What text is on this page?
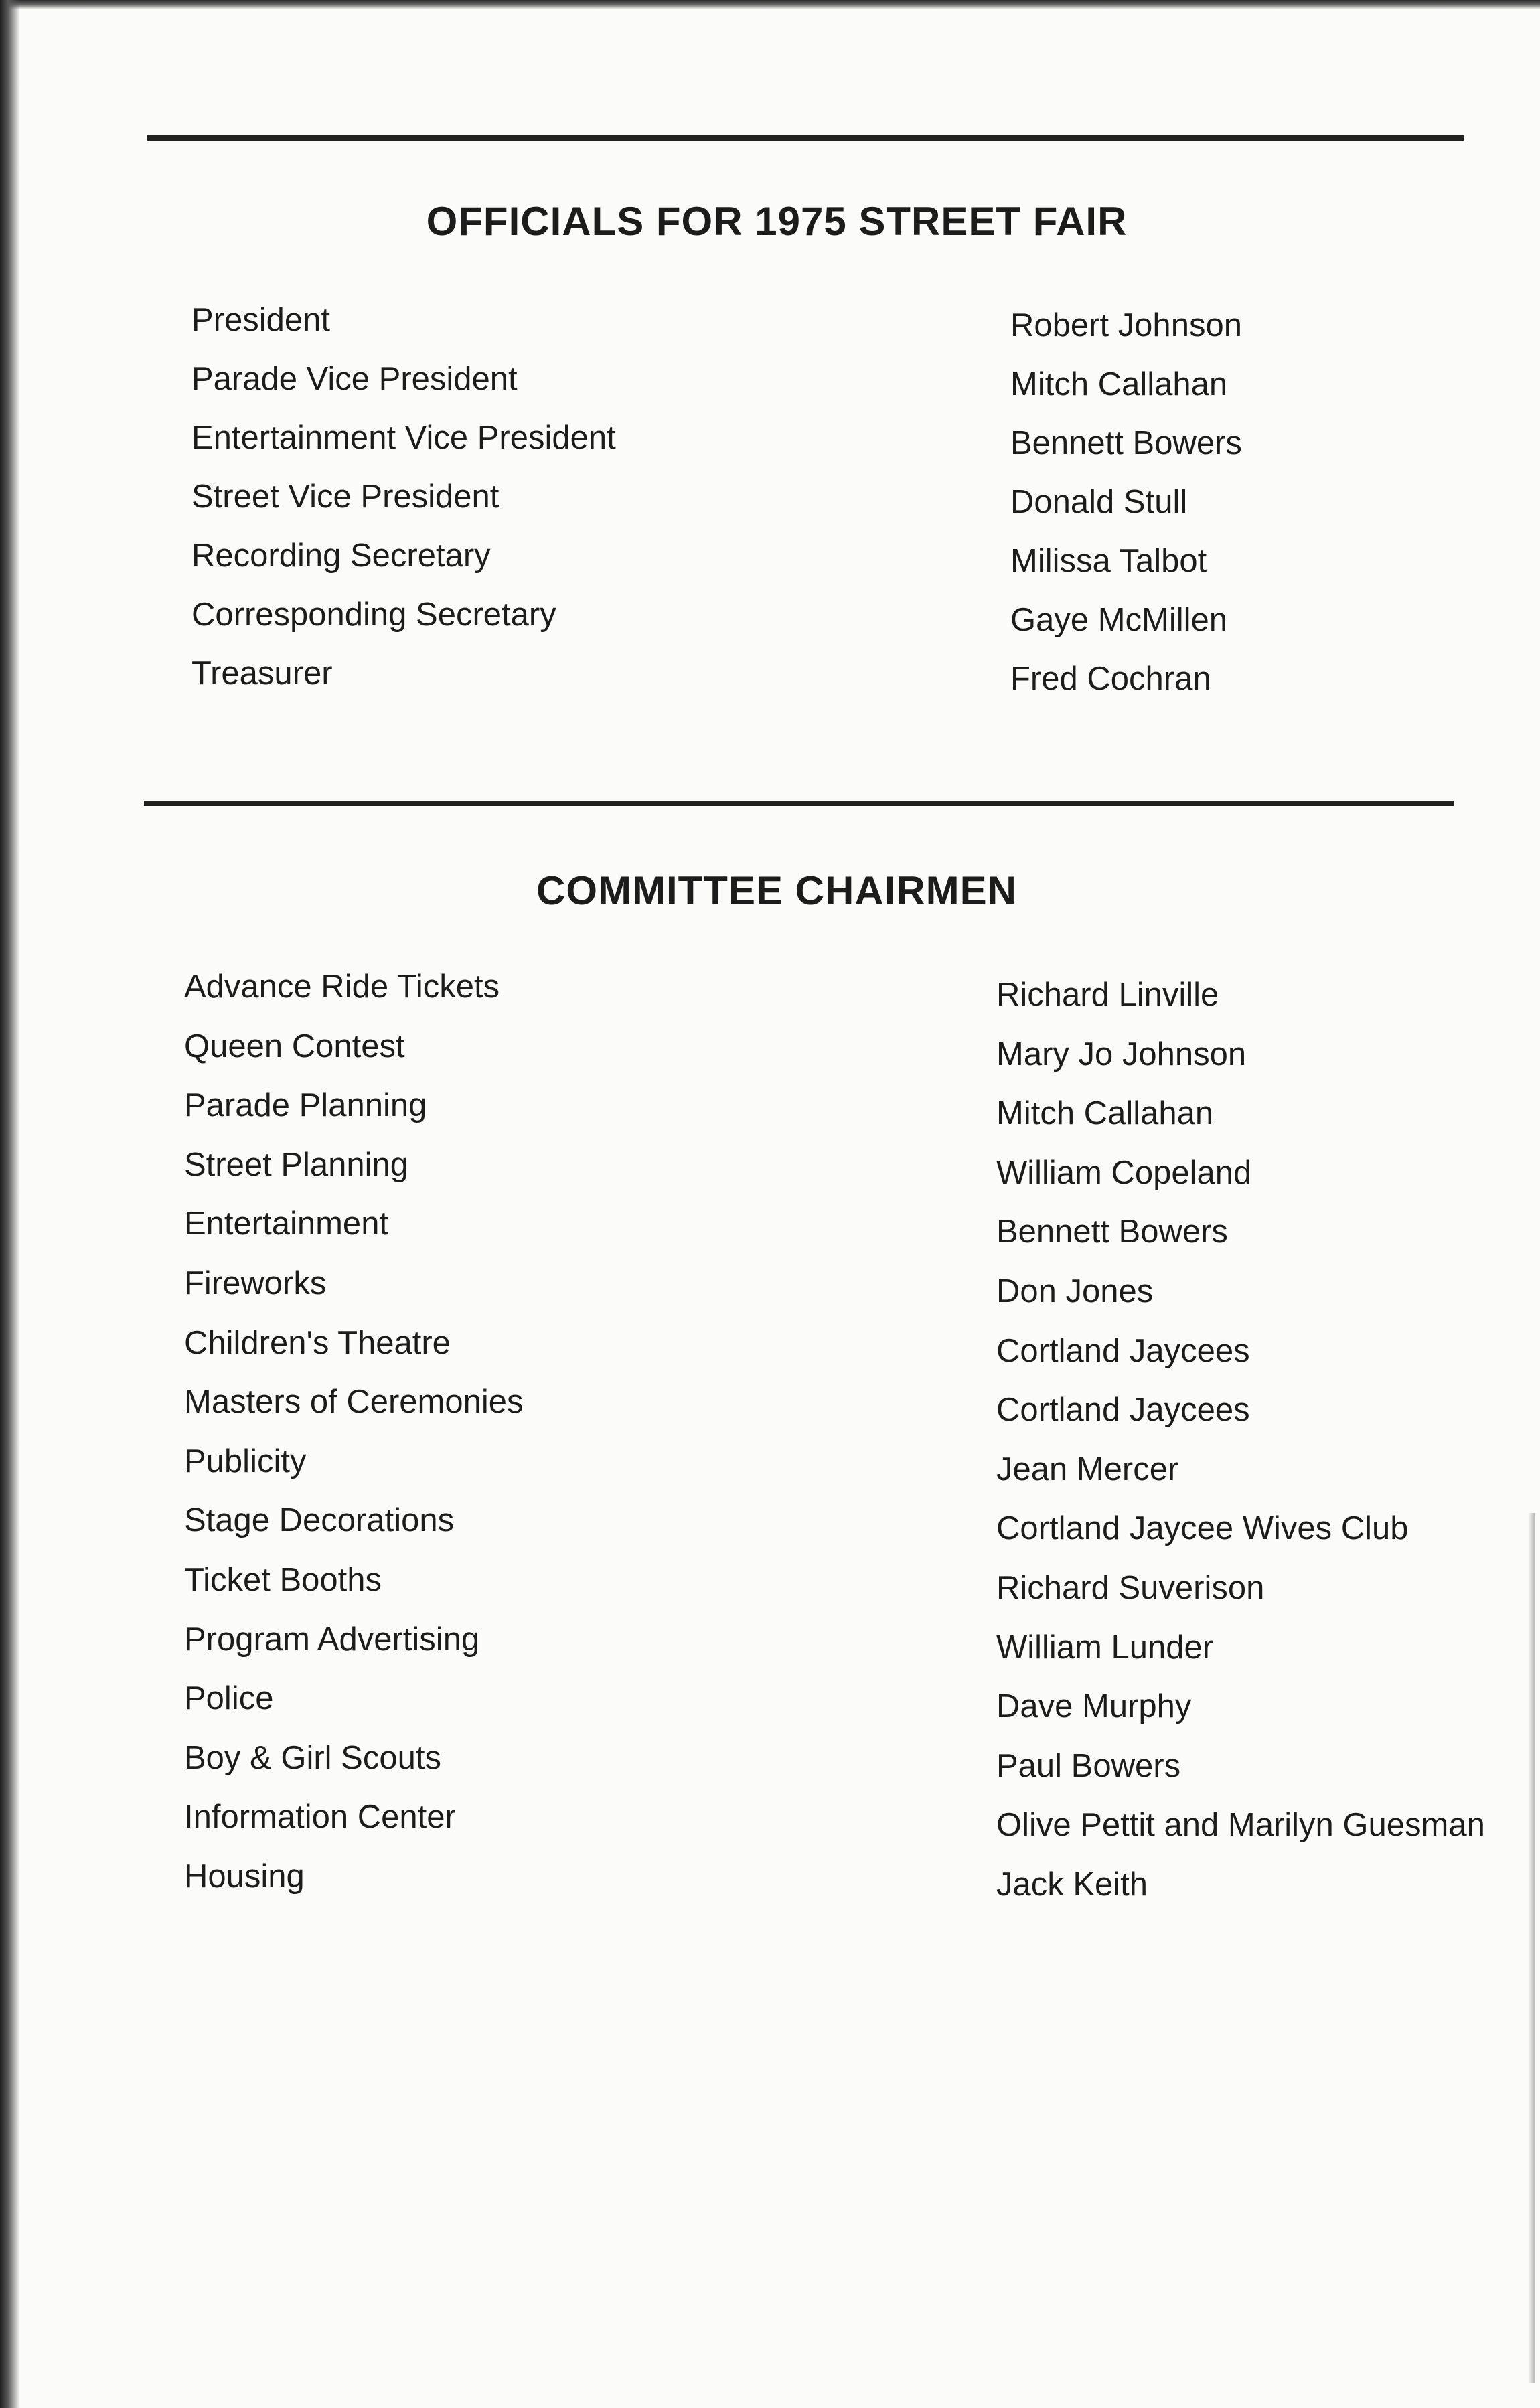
OFFICIALS FOR 1975 STREET FAIR
President
Parade Vice President
Entertainment Vice President
Street Vice President
Recording Secretary
Corresponding Secretary
Treasurer
Robert Johnson
Mitch Callahan
Bennett Bowers
Donald Stull
Milissa Talbot
Gaye McMillen
Fred Cochran
COMMITTEE CHAIRMEN
Advance Ride Tickets
Queen Contest
Parade Planning
Street Planning
Entertainment
Fireworks
Children's Theatre
Masters of Ceremonies
Publicity
Stage Decorations
Ticket Booths
Program Advertising
Police
Boy & Girl Scouts
Information Center
Housing
Richard Linville
Mary Jo Johnson
Mitch Callahan
William Copeland
Bennett Bowers
Don Jones
Cortland Jaycees
Cortland Jaycees
Jean Mercer
Cortland Jaycee Wives Club
Richard Suverison
William Lunder
Dave Murphy
Paul Bowers
Olive Pettit and Marilyn Guesman
Jack Keith
